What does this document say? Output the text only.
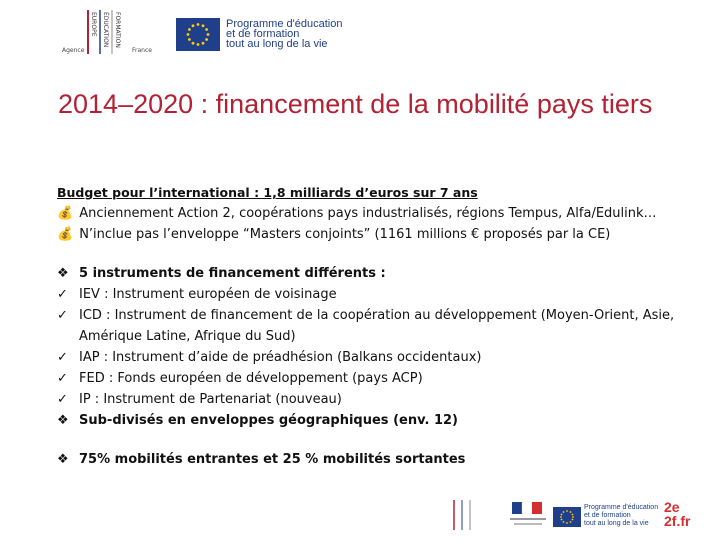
EUROPE ÉDUCATION FORMATION
Agence	France
Programme d'éducation
et de formation
tout au long de la vie
2014–2020 : financement de la mobilité pays tiers
Budget pour l’international : 1,8 milliards d’euros sur 7 ans
💰 Anciennement Action 2, coopérations pays industrialisés, régions Tempus, Alfa/Edulink…
💰 N’inclue pas l’enveloppe “Masters conjoints” (1161 millions € proposés par la CE)
❖ 5 instruments de financement différents :
✓ IEV : Instrument européen de voisinage
✓ ICD : Instrument de financement de la coopération au développement (Moyen-Orient, Asie, Amérique Latine, Afrique du Sud)
✓ IAP : Instrument d’aide de préadhésion (Balkans occidentaux)
✓ FED : Fonds européen de développement (pays ACP)
✓ IP : Instrument de Partenariat (nouveau)
❖ Sub-divisés en enveloppes géographiques (env. 12)
❖ 75% mobilités entrantes et 25 % mobilités sortantes
Programme d'éducation
et de formation
tout au long de la vie
2e
2f.fr
